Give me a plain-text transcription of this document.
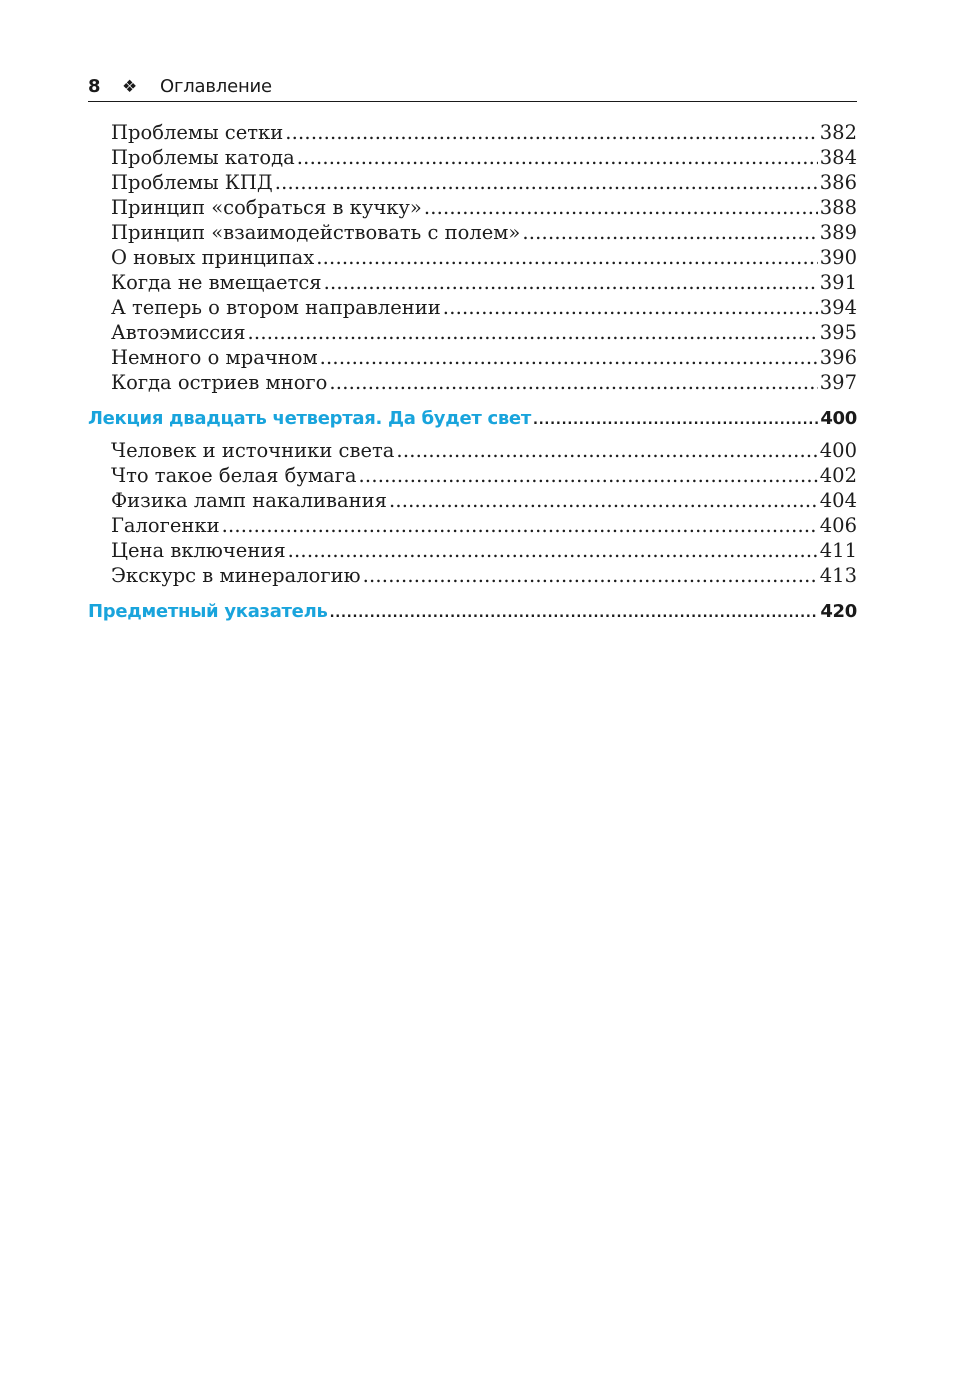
8	❖	Оглавление
Проблемы сетки .....	382
Проблемы катода .....	384
Проблемы КПД .....	386
Принцип «собраться в кучку» .....	388
Принцип «взаимодействовать с полем» .....	389
О новых принципах .....	390
Когда не вмещается .....	391
А теперь о втором направлении .....	394
Автоэмиссия .....	395
Немного о мрачном .....	396
Когда остриев много .....	397
Лекция двадцать четвертая. Да будет свет .....	400
Человек и источники света .....	400
Что такое белая бумага .....	402
Физика ламп накаливания .....	404
Галогенки .....	406
Цена включения .....	411
Экскурс в минералогию .....	413
Предметный указатель .....	420
